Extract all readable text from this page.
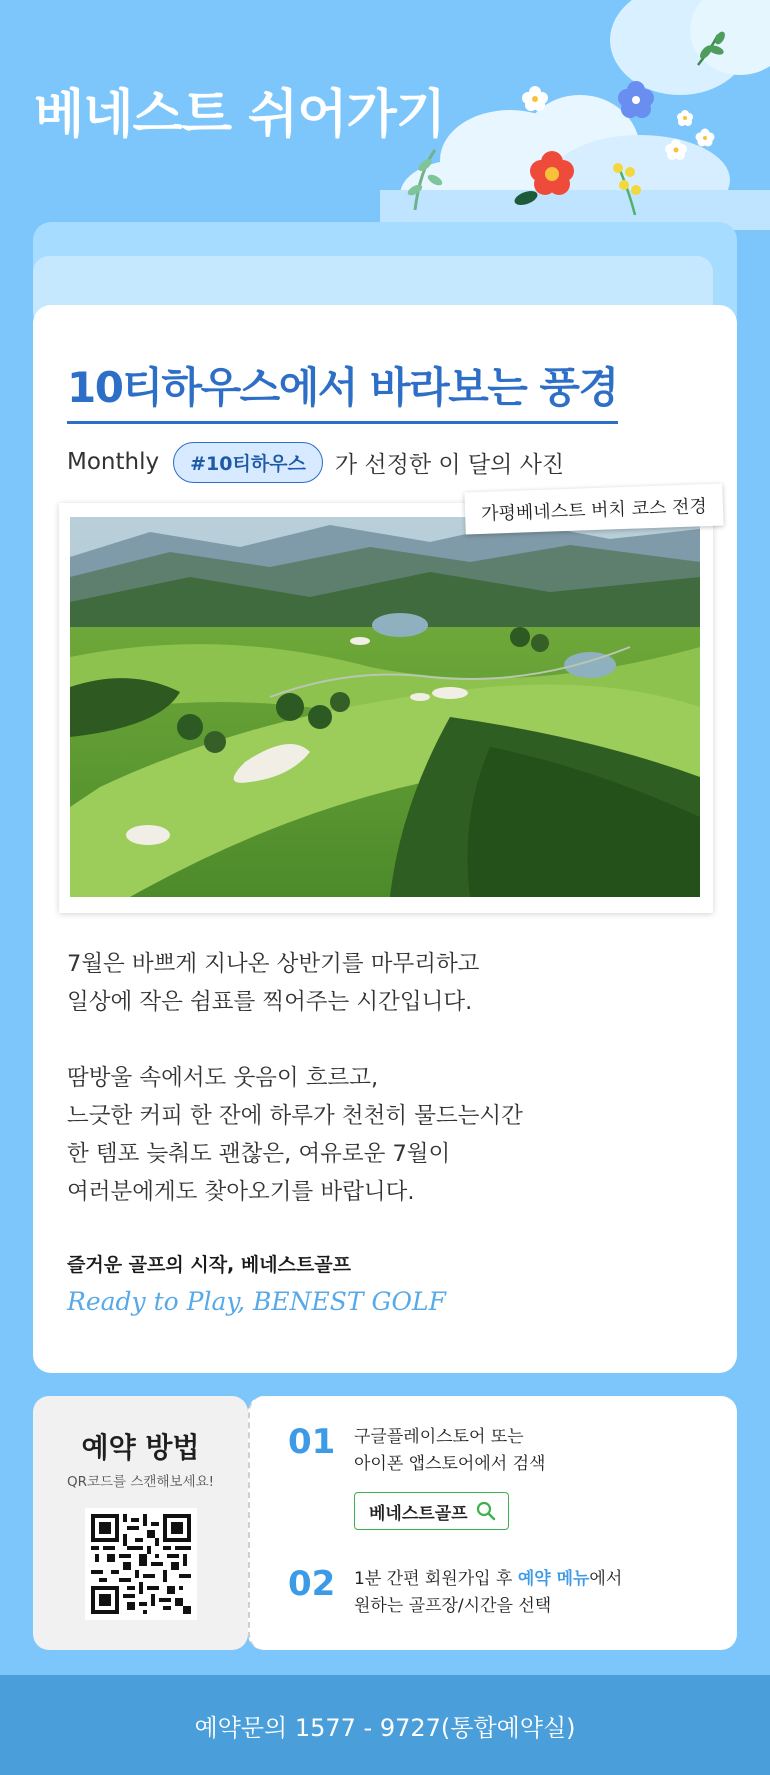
베네스트 쉬어가기
10티하우스에서 바라보는 풍경
Monthly	#10티하우스	가 선정한 이 달의 사진
가평베네스트 버치 코스 전경

7월은 바쁘게 지나온 상반기를 마무리하고

일상에 작은 쉼표를 찍어주는 시간입니다.

땀방울 속에서도 웃음이 흐르고,

느긋한 커피 한 잔에 하루가 천천히 물드는시간

한 템포 늦춰도 괜찮은, 여유로운 7월이

여러분에게도 찾아오기를 바랍니다.

즐거운 골프의 시작, 베네스트골프
Ready to Play, BENEST GOLF
예약 방법
QR코드를 스캔해보세요!
01 구글플레이스토어 또는
아이폰 앱스토어에서 검색
베네스트골프
02 1분 간편 회원가입 후 예약 메뉴에서
원하는 골프장/시간을 선택
예약문의 1577 - 9727(통합예약실)
